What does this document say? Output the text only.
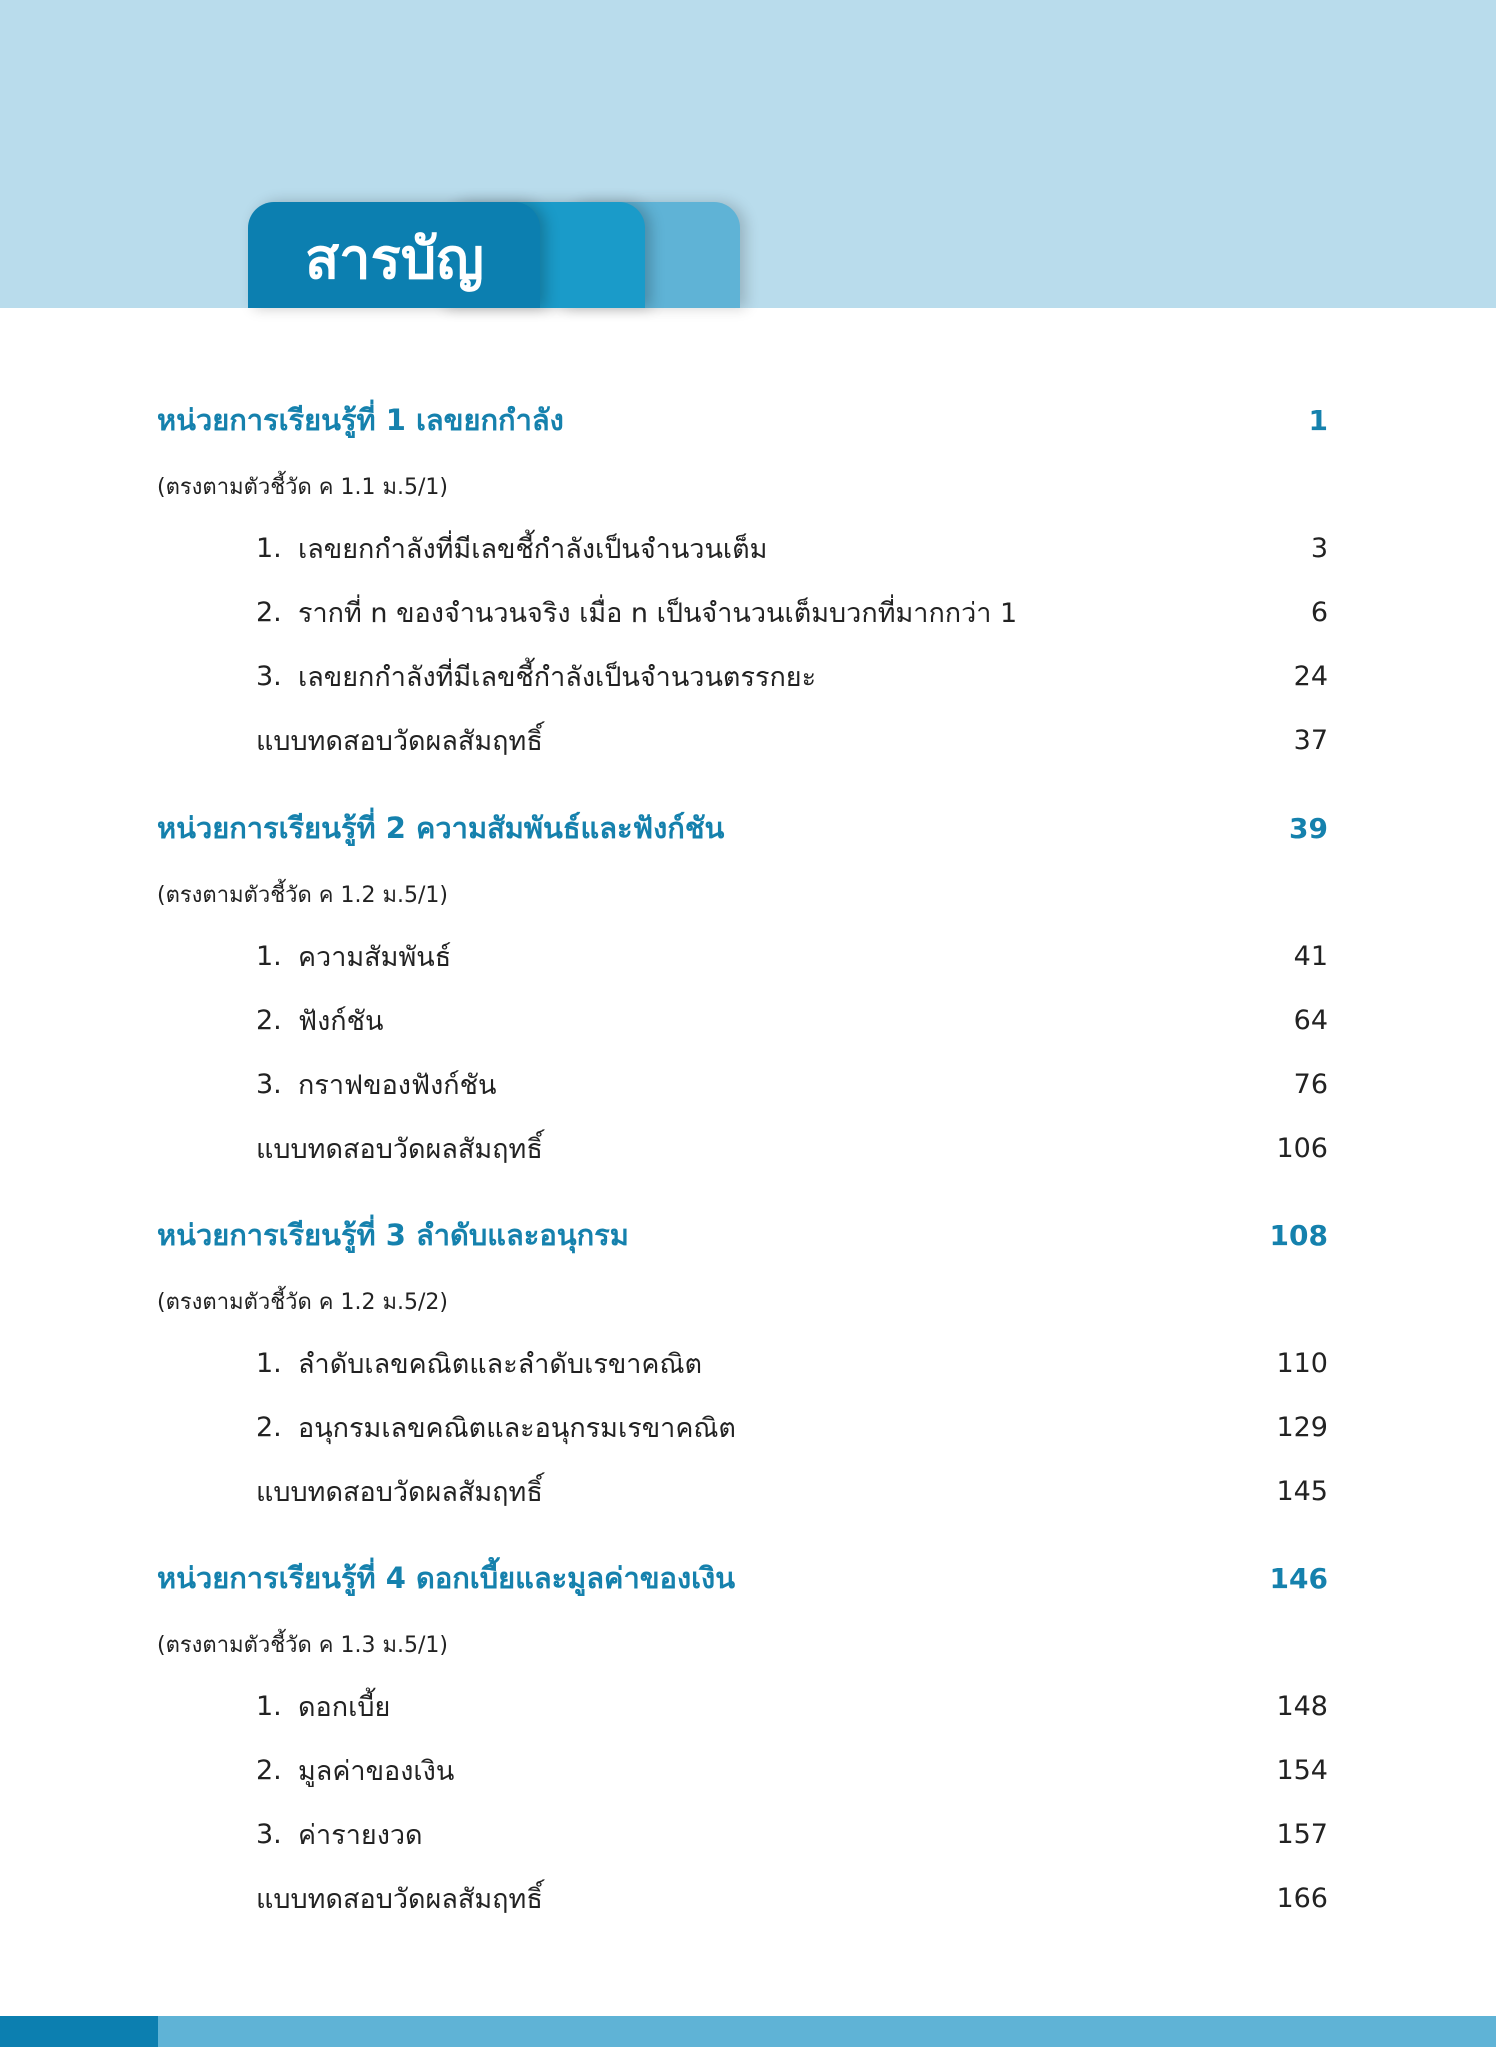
สารบัญ
หน่วยการเรียนรู้ที่ 1 เลขยกกำลัง	1
(ตรงตามตัวชี้วัด ค 1.1 ม.5/1)
1. เลขยกกำลังที่มีเลขชี้กำลังเป็นจำนวนเต็ม	3
2. รากที่ n ของจำนวนจริง เมื่อ n เป็นจำนวนเต็มบวกที่มากกว่า 1	6
3. เลขยกกำลังที่มีเลขชี้กำลังเป็นจำนวนตรรกยะ	24
แบบทดสอบวัดผลสัมฤทธิ์	37
หน่วยการเรียนรู้ที่ 2 ความสัมพันธ์และฟังก์ชัน	39
(ตรงตามตัวชี้วัด ค 1.2 ม.5/1)
1. ความสัมพันธ์	41
2. ฟังก์ชัน	64
3. กราฟของฟังก์ชัน	76
แบบทดสอบวัดผลสัมฤทธิ์	106
หน่วยการเรียนรู้ที่ 3 ลำดับและอนุกรม	108
(ตรงตามตัวชี้วัด ค 1.2 ม.5/2)
1. ลำดับเลขคณิตและลำดับเรขาคณิต	110
2. อนุกรมเลขคณิตและอนุกรมเรขาคณิต	129
แบบทดสอบวัดผลสัมฤทธิ์	145
หน่วยการเรียนรู้ที่ 4 ดอกเบี้ยและมูลค่าของเงิน	146
(ตรงตามตัวชี้วัด ค 1.3 ม.5/1)
1. ดอกเบี้ย	148
2. มูลค่าของเงิน	154
3. ค่ารายงวด	157
แบบทดสอบวัดผลสัมฤทธิ์	166
